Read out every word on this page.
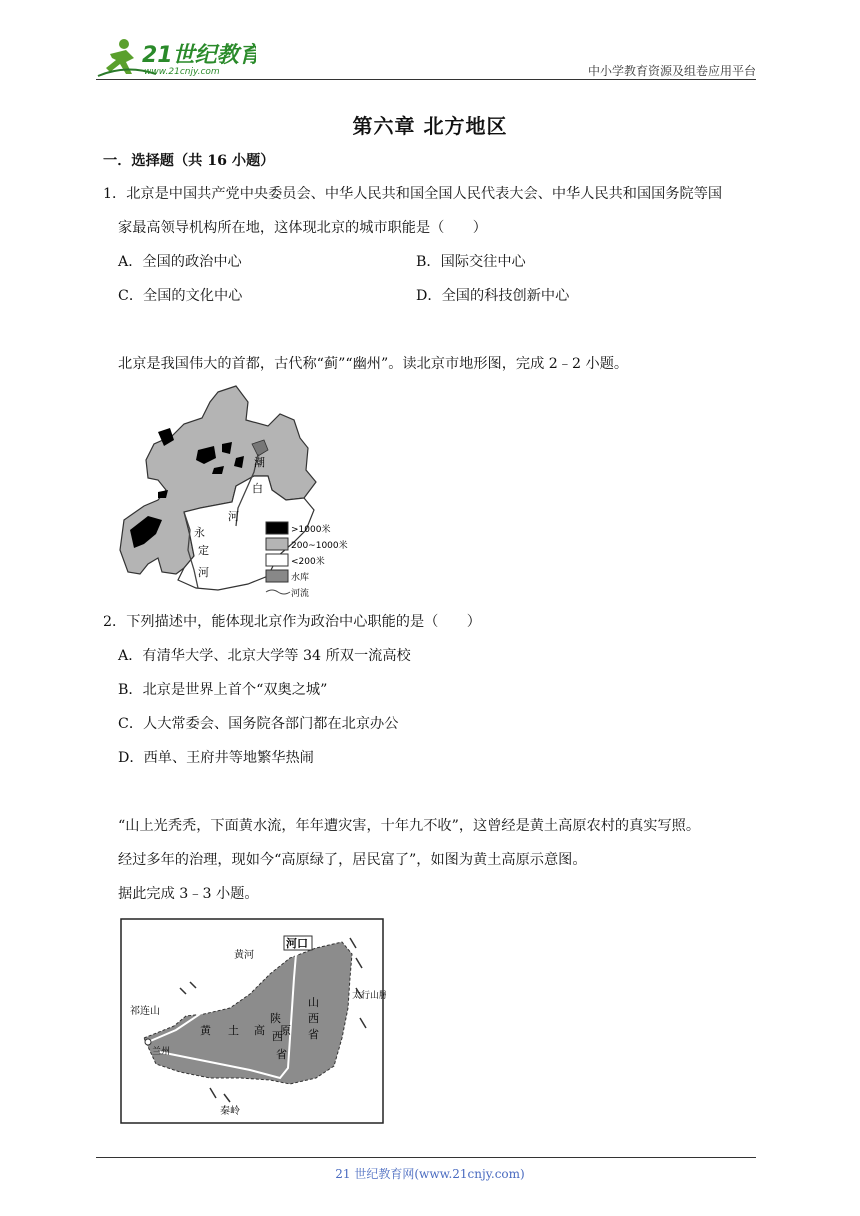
21世纪教育
www.21cnjy.com	中小学教育资源及组卷应用平台
第六章 北方地区
一．选择题（共 16 小题）
1．北京是中国共产党中央委员会、中华人民共和国全国人民代表大会、中华人民共和国国务院等国
家最高领导机构所在地，这体现北京的城市职能是（　　）
A．全国的政治中心	B．国际交往中心
C．全国的文化中心	D．全国的科技创新中心
北京是我国伟大的首都，古代称“蓟”“幽州”。读北京市地形图，完成 2﹣2 小题。
潮
白
河
永
定
河
>1000米
200~1000米
<200米
水库
河流
2．下列描述中，能体现北京作为政治中心职能的是（　　）
A．有清华大学、北京大学等 34 所双一流高校
B．北京是世界上首个“双奥之城”
C．人大常委会、国务院各部门都在北京办公
D．西单、王府井等地繁华热闹
“山上光秃秃，下面黄水流，年年遭灾害，十年九不收”，这曾经是黄土高原农村的真实写照。
经过多年的治理，现如今“高原绿了，居民富了”，如图为黄土高原示意图。
据此完成 3﹣3 小题。
河口
黄河
祁连山
太行山脉
山
西
省
陕
西
省
黄 土 高 原
兰州
秦岭
21 世纪教育网(www.21cnjy.com)
